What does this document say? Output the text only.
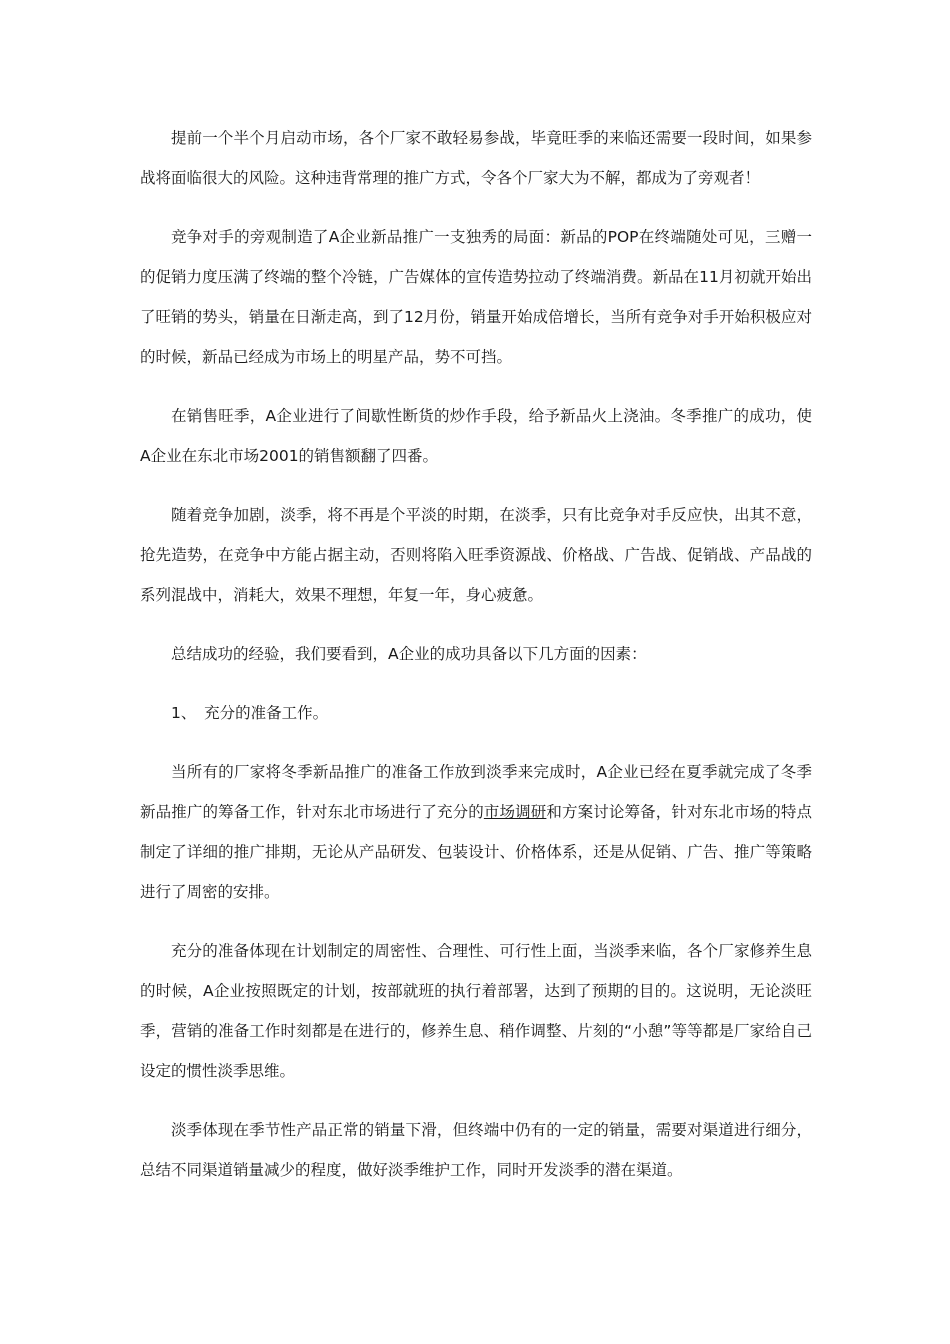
提前一个半个月启动市场，各个厂家不敢轻易参战，毕竟旺季的来临还需要一段时间，如果参战将面临很大的风险。这种违背常理的推广方式，令各个厂家大为不解，都成为了旁观者！

竞争对手的旁观制造了A企业新品推广一支独秀的局面：新品的POP在终端随处可见，三赠一的促销力度压满了终端的整个冷链，广告媒体的宣传造势拉动了终端消费。新品在11月初就开始出了旺销的势头，销量在日渐走高，到了12月份，销量开始成倍增长，当所有竞争对手开始积极应对的时候，新品已经成为市场上的明星产品，势不可挡。

在销售旺季，A企业进行了间歇性断货的炒作手段，给予新品火上浇油。冬季推广的成功，使A企业在东北市场2001的销售额翻了四番。

随着竞争加剧，淡季，将不再是个平淡的时期，在淡季，只有比竞争对手反应快，出其不意，抢先造势，在竞争中方能占据主动，否则将陷入旺季资源战、价格战、广告战、促销战、产品战的系列混战中，消耗大，效果不理想，年复一年，身心疲惫。

总结成功的经验，我们要看到，A企业的成功具备以下几方面的因素：

1、　充分的准备工作。

当所有的厂家将冬季新品推广的准备工作放到淡季来完成时，A企业已经在夏季就完成了冬季新品推广的筹备工作，针对东北市场进行了充分的市场调研和方案讨论筹备，针对东北市场的特点制定了详细的推广排期，无论从产品研发、包装设计、价格体系，还是从促销、广告、推广等策略进行了周密的安排。

充分的准备体现在计划制定的周密性、合理性、可行性上面，当淡季来临，各个厂家修养生息的时候，A企业按照既定的计划，按部就班的执行着部署，达到了预期的目的。这说明，无论淡旺季，营销的准备工作时刻都是在进行的，修养生息、稍作调整、片刻的“小憩”等等都是厂家给自己设定的惯性淡季思维。

淡季体现在季节性产品正常的销量下滑，但终端中仍有的一定的销量，需要对渠道进行细分，总结不同渠道销量减少的程度，做好淡季维护工作，同时开发淡季的潜在渠道。
